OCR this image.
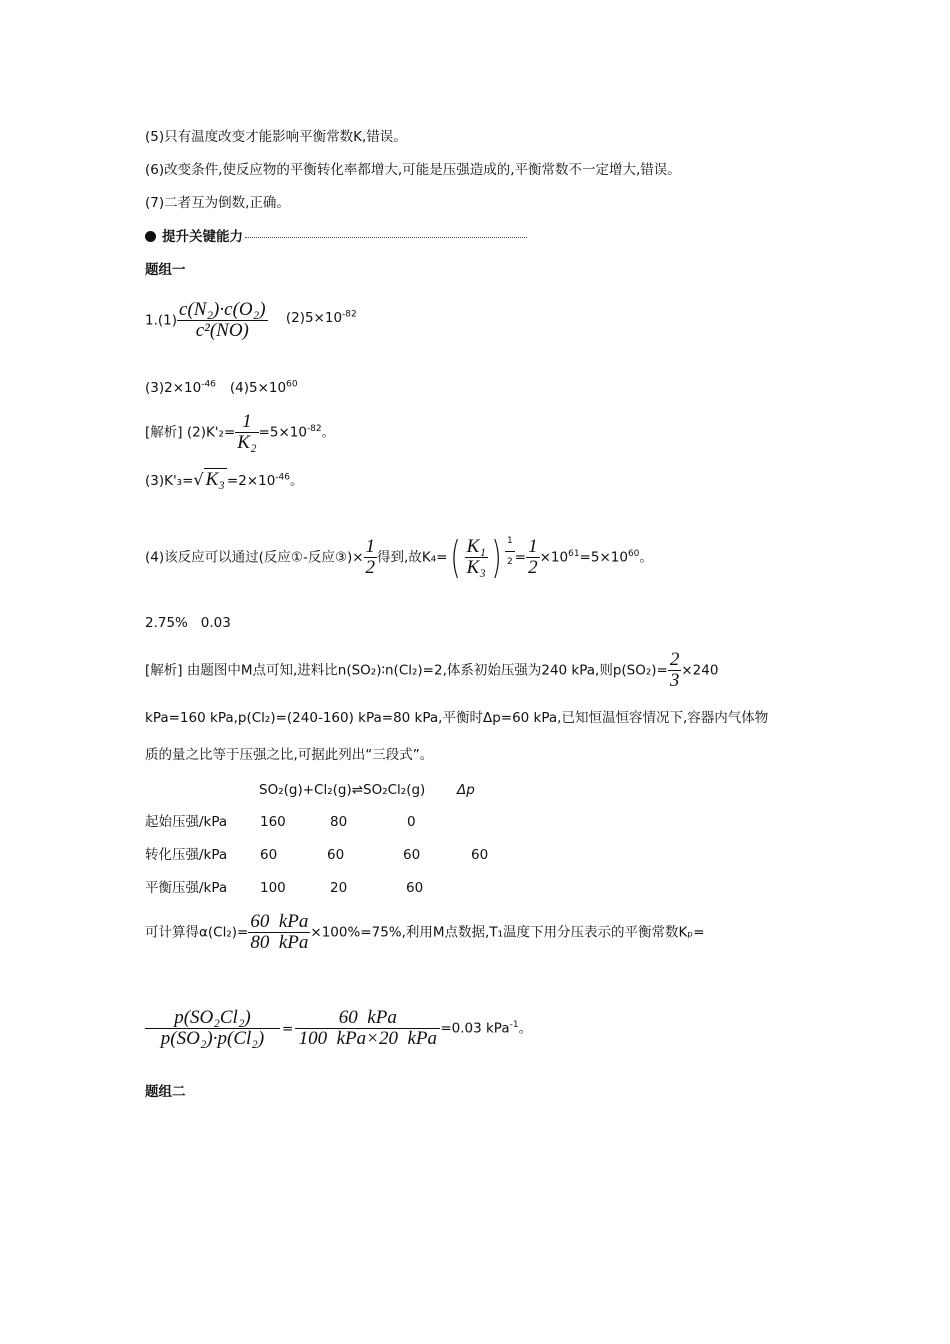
(5)只有温度改变才能影响平衡常数K,错误。
(6)改变条件,使反应物的平衡转化率都增大,可能是压强造成的,平衡常数不一定增大,错误。
(7)二者互为倒数,正确。
提升关键能力
题组一
$1.(1) \frac{\text{c(N₂)·c(O₂)}}{\text{c²(NO)}} (2)5\times 10^{-82}$
$(3)2\times 10^{-46}$ $(4)5\times 10^{60}$
[解析] $(2)K'_2= \frac{1}{\text{K₂}} =5\times 10^{-82}$。
(3)K'₃=√ $K_3 =2\times 10^{-46}$。
(4)该反应可以通过(反应①-反应③)× $\frac{1}{2}$ 得到,故$K_4=( \frac{\text{K₁}}{\text{K₃}}$ ) $\frac{1}{2} = \frac{1}{2} \times 10^{61}=5\times 10^{60}$。
2.75%   0.03
[解析] 由题图中M点可知,进料比n(SO₂)∶n(Cl₂)=2,体系初始压强为240 kPa,则$p(SO_2)= \frac{2}{3} \times 240$
kPa=160 kPa,p(Cl₂)=(240-160) kPa=80 kPa,平衡时Δp=60 kPa,已知恒温恒容情况下,容器内气体物
质的量之比等于压强之比,可据此列出“三段式”。
SO₂(g)+Cl₂(g)⇌SO₂Cl₂(g) Δp
起始压强/kPa 160	80	0
转化压强/kPa 60	60	60	60
平衡压强/kPa 100	20	60
可计算得$\alpha(Cl_2)= \frac{\text{60  kPa}}{\text{80  kPa}} \times 100\%=75\%$,利用M点数据,T₁温度下用分压表示的平衡常数Kₚ=
$\frac{\text{p(SO₂Cl₂)}}{\text{p(SO₂)·p(Cl₂)}} = \frac{\text{60  kPa}}{\text{100  kPa×20  kPa}} =0.03$ kPa$^{-1}$。
题组二
